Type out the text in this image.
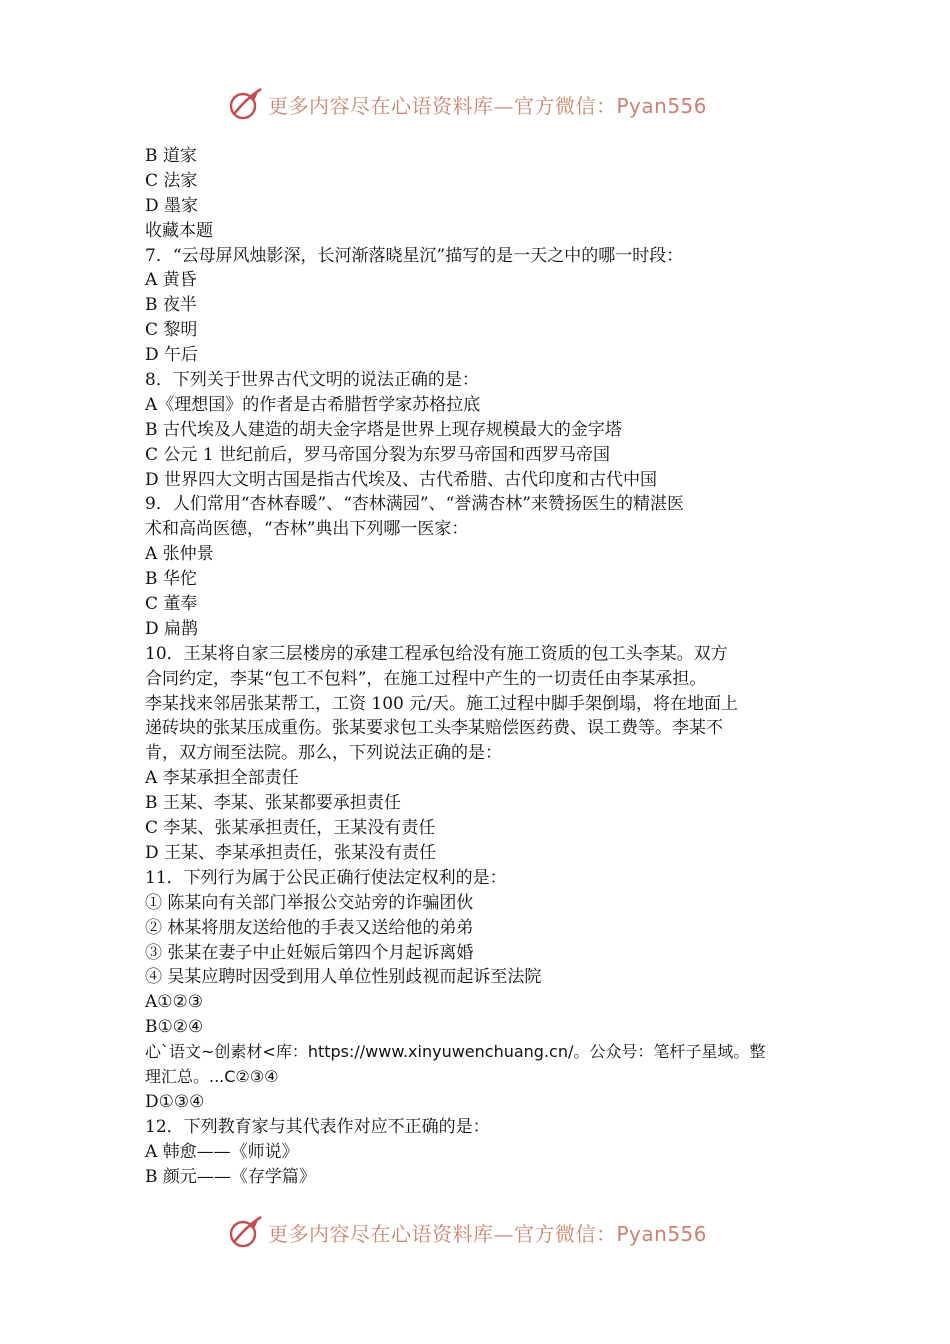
更多内容尽在心语资料库—官方微信：Pyan556
B 道家
C 法家
D 墨家
收藏本题
7．“云母屏风烛影深，长河渐落晓星沉”描写的是一天之中的哪一时段：
A 黄昏
B 夜半
C 黎明
D 午后
8．下列关于世界古代文明的说法正确的是：
A《理想国》的作者是古希腊哲学家苏格拉底
B 古代埃及人建造的胡夫金字塔是世界上现存规模最大的金字塔
C 公元 1 世纪前后，罗马帝国分裂为东罗马帝国和西罗马帝国
D 世界四大文明古国是指古代埃及、古代希腊、古代印度和古代中国
9．人们常用“杏林春暖”、“杏林满园”、“誉满杏林”来赞扬医生的精湛医
术和高尚医德，“杏林”典出下列哪一医家：
A 张仲景
B 华佗
C 董奉
D 扁鹊
10．王某将自家三层楼房的承建工程承包给没有施工资质的包工头李某。双方
合同约定，李某“包工不包料”，在施工过程中产生的一切责任由李某承担。
李某找来邻居张某帮工，工资 100 元/天。施工过程中脚手架倒塌，将在地面上
递砖块的张某压成重伤。张某要求包工头李某赔偿医药费、误工费等。李某不
肯，双方闹至法院。那么，下列说法正确的是：
A 李某承担全部责任
B 王某、李某、张某都要承担责任
C 李某、张某承担责任，王某没有责任
D 王某、李某承担责任，张某没有责任
11．下列行为属于公民正确行使法定权利的是：
① 陈某向有关部门举报公交站旁的诈骗团伙
② 林某将朋友送给他的手表又送给他的弟弟
③ 张某在妻子中止妊娠后第四个月起诉离婚
④ 吴某应聘时因受到用人单位性别歧视而起诉至法院
A①②③
B①②④
心`语文~创素材<库：https://www.xinyuwenchuang.cn/。公众号：笔杆子星域。整
理汇总。...C②③④
D①③④
12．下列教育家与其代表作对应不正确的是：
A 韩愈——《师说》
B 颜元——《存学篇》
更多内容尽在心语资料库—官方微信：Pyan556
